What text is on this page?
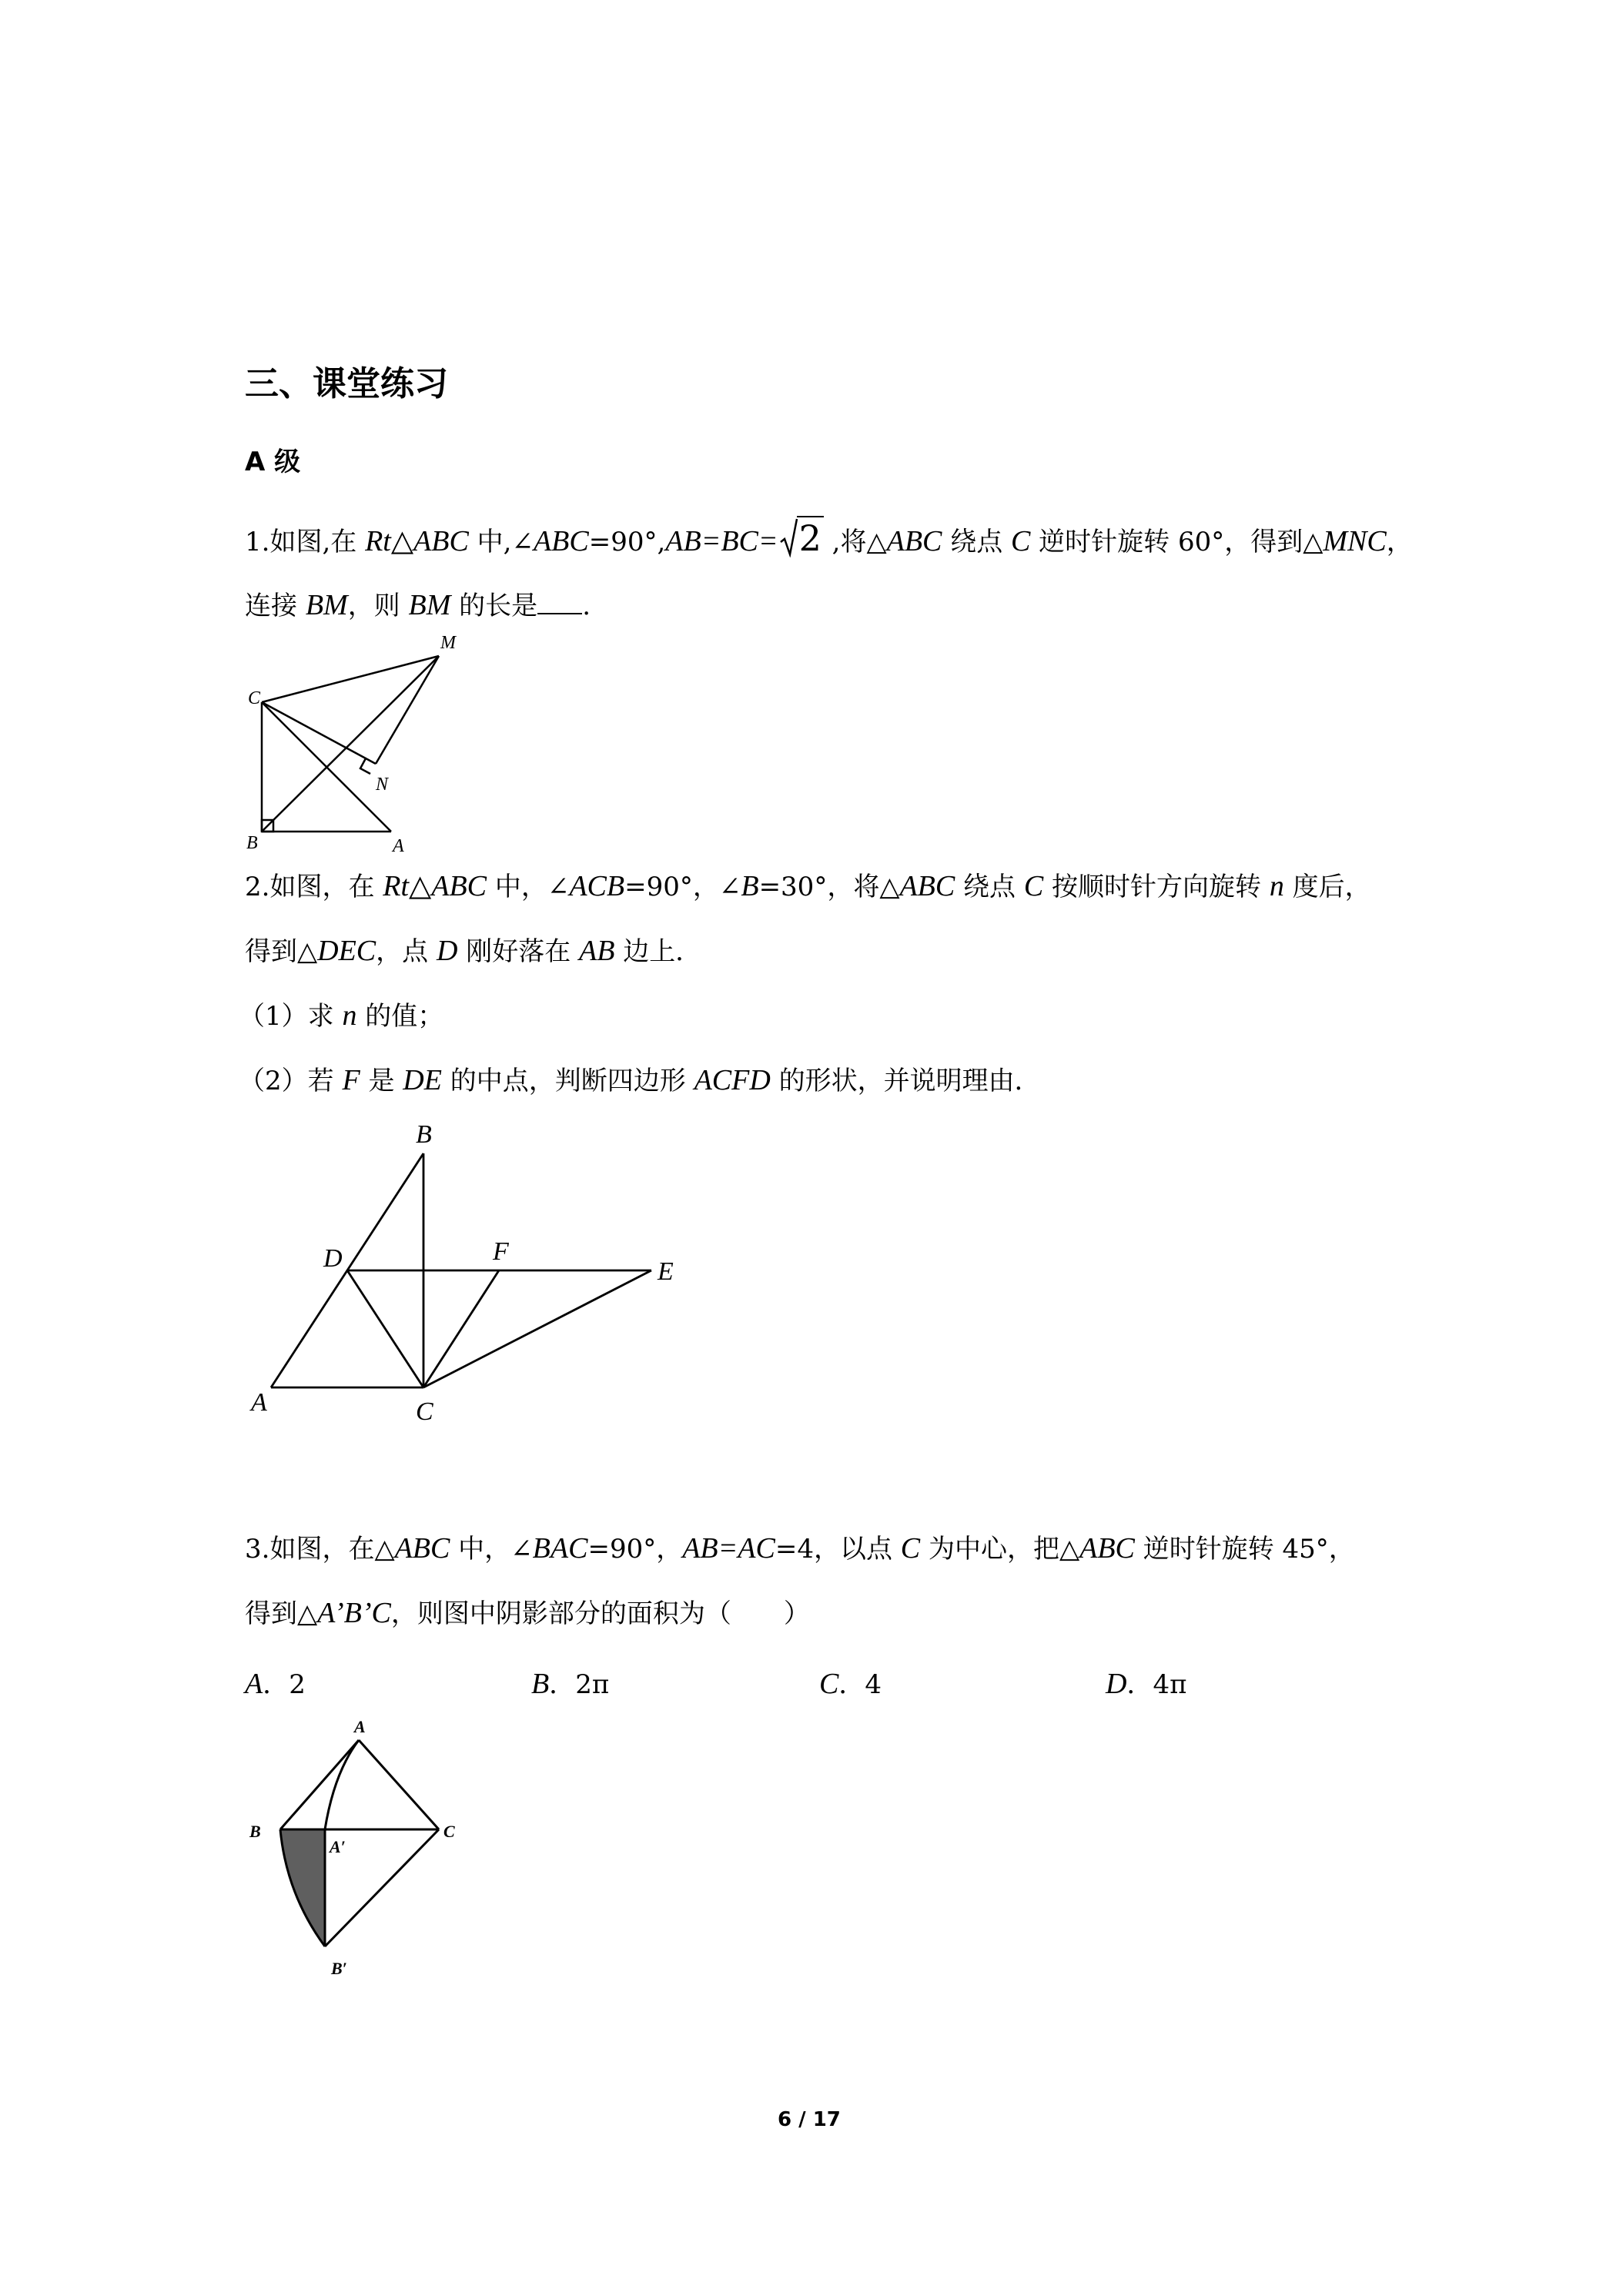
三、课堂练习
A 级
1.如图,在 Rt△ABC 中,∠ABC=90°,AB=BC= 2 ,将△ABC 绕点 C 逆时针旋转 60°，得到△MNC，
连接 BM，则 BM 的长是 .
M
C
N
B	A
2.如图，在 Rt△ABC 中，∠ACB=90°，∠B=30°，将△ABC 绕点 C 按顺时针方向旋转 n 度后，
得到△DEC，点 D 刚好落在 AB 边上．
（1）求 n 的值；
（2）若 F 是 DE 的中点，判断四边形 ACFD 的形状，并说明理由．
B
D	F
E
A	C
3.如图，在△ABC 中，∠BAC=90°，AB=AC=4，以点 C 为中心，把△ABC 逆时针旋转 45°，
得到△A’B’C，则图中阴影部分的面积为（　　）
A．2	B．2π	C．4	D．4π
A
B	C
A′
B′
6 / 17
